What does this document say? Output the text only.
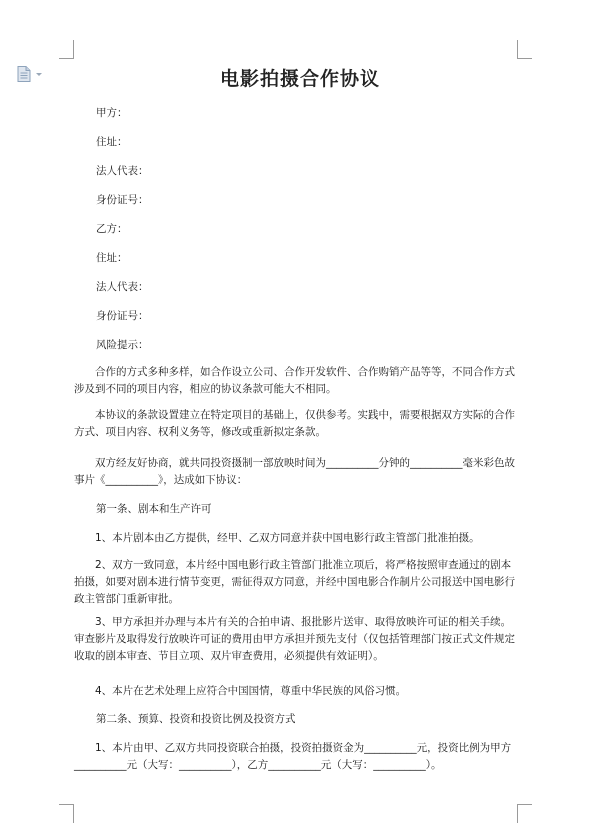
电影拍摄合作协议
甲方：
住址：
法人代表：
身份证号：
乙方：
住址：
法人代表：
身份证号：
风险提示：
合作的方式多种多样，如合作设立公司、合作开发软件、合作购销产品等等，不同合作方式涉及到不同的项目内容，相应的协议条款可能大不相同。
本协议的条款设置建立在特定项目的基础上，仅供参考。实践中，需要根据双方实际的合作方式、项目内容、权利义务等，修改或重新拟定条款。
双方经友好协商，就共同投资摄制一部放映时间为__________分钟的__________毫米彩色故事片《__________》，达成如下协议：
第一条、剧本和生产许可
1、本片剧本由乙方提供，经甲、乙双方同意并获中国电影行政主管部门批准拍摄。
2、双方一致同意，本片经中国电影行政主管部门批准立项后，将严格按照审查通过的剧本拍摄，如要对剧本进行情节变更，需征得双方同意，并经中国电影合作制片公司报送中国电影行政主管部门重新审批。
3、甲方承担并办理与本片有关的合拍申请、报批影片送审、取得放映许可证的相关手续。审查影片及取得发行放映许可证的费用由甲方承担并预先支付（仅包括管理部门按正式文件规定收取的剧本审查、节目立项、双片审查费用，必须提供有效证明）。
4、本片在艺术处理上应符合中国国情，尊重中华民族的风俗习惯。
第二条、预算、投资和投资比例及投资方式
1、本片由甲、乙双方共同投资联合拍摄，投资拍摄资金为__________元，投资比例为甲方__________元（大写：__________），乙方__________元（大写：__________）。
